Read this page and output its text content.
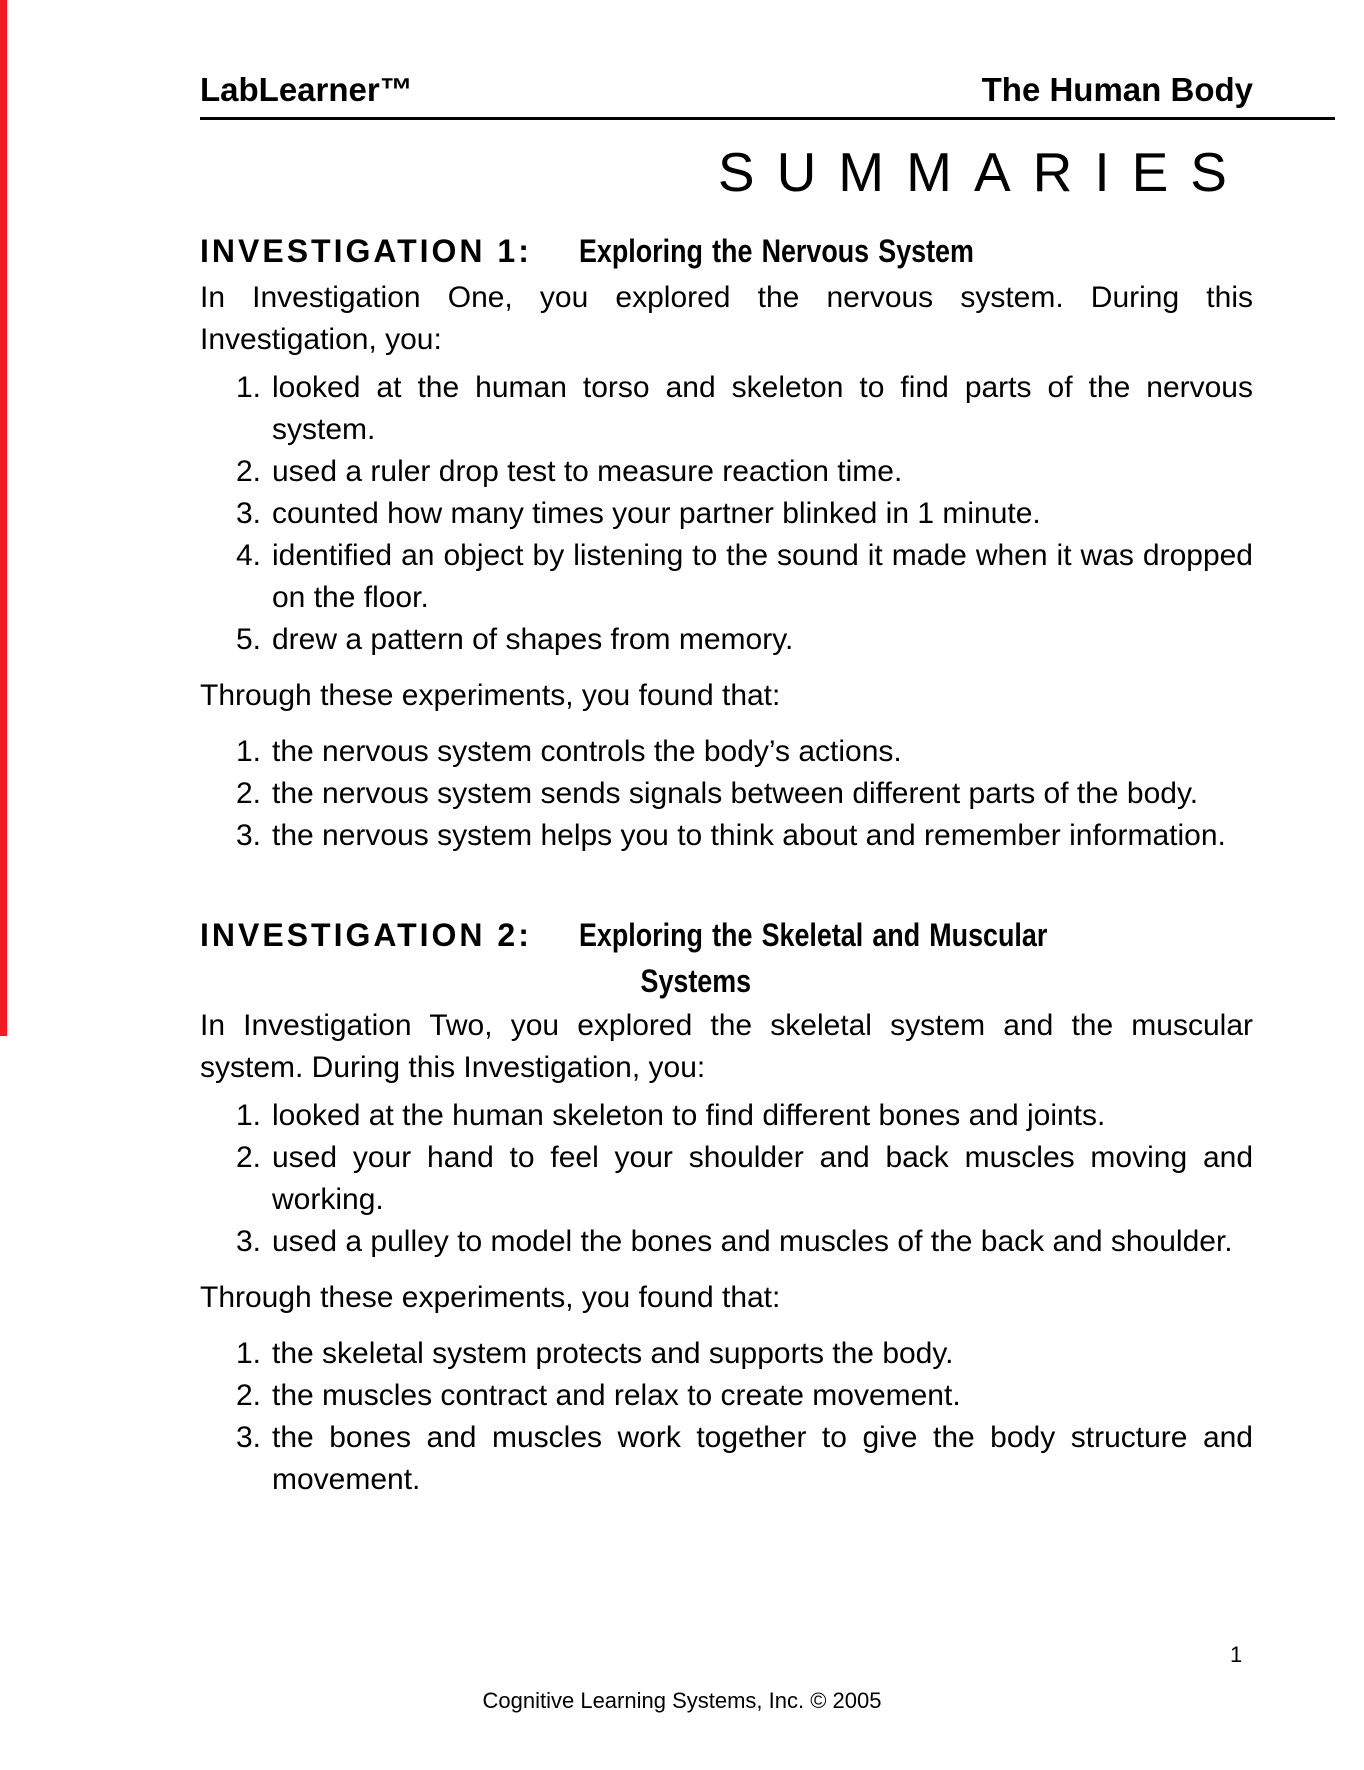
LabLearner™	The Human Body
SUMMARIES
INVESTIGATION 1: Exploring the Nervous System

In Investigation One, you explored the nervous system. During this Investigation, you:

1. looked at the human torso and skeleton to find parts of the nervous system.
2. used a ruler drop test to measure reaction time.
3. counted how many times your partner blinked in 1 minute.
4. identified an object by listening to the sound it made when it was dropped on the floor.
5. drew a pattern of shapes from memory.

Through these experiments, you found that:

1. the nervous system controls the body’s actions.
2. the nervous system sends signals between different parts of the body.
3. the nervous system helps you to think about and remember information.
INVESTIGATION 2: Exploring the Skeletal and Muscular
Systems

In Investigation Two, you explored the skeletal system and the muscular system. During this Investigation, you:

1. looked at the human skeleton to find different bones and joints.
2. used your hand to feel your shoulder and back muscles moving and working.
3. used a pulley to model the bones and muscles of the back and shoulder.

Through these experiments, you found that:

1. the skeletal system protects and supports the body.
2. the muscles contract and relax to create movement.
3. the bones and muscles work together to give the body structure and movement.
Cognitive Learning Systems, Inc. © 2005
1
